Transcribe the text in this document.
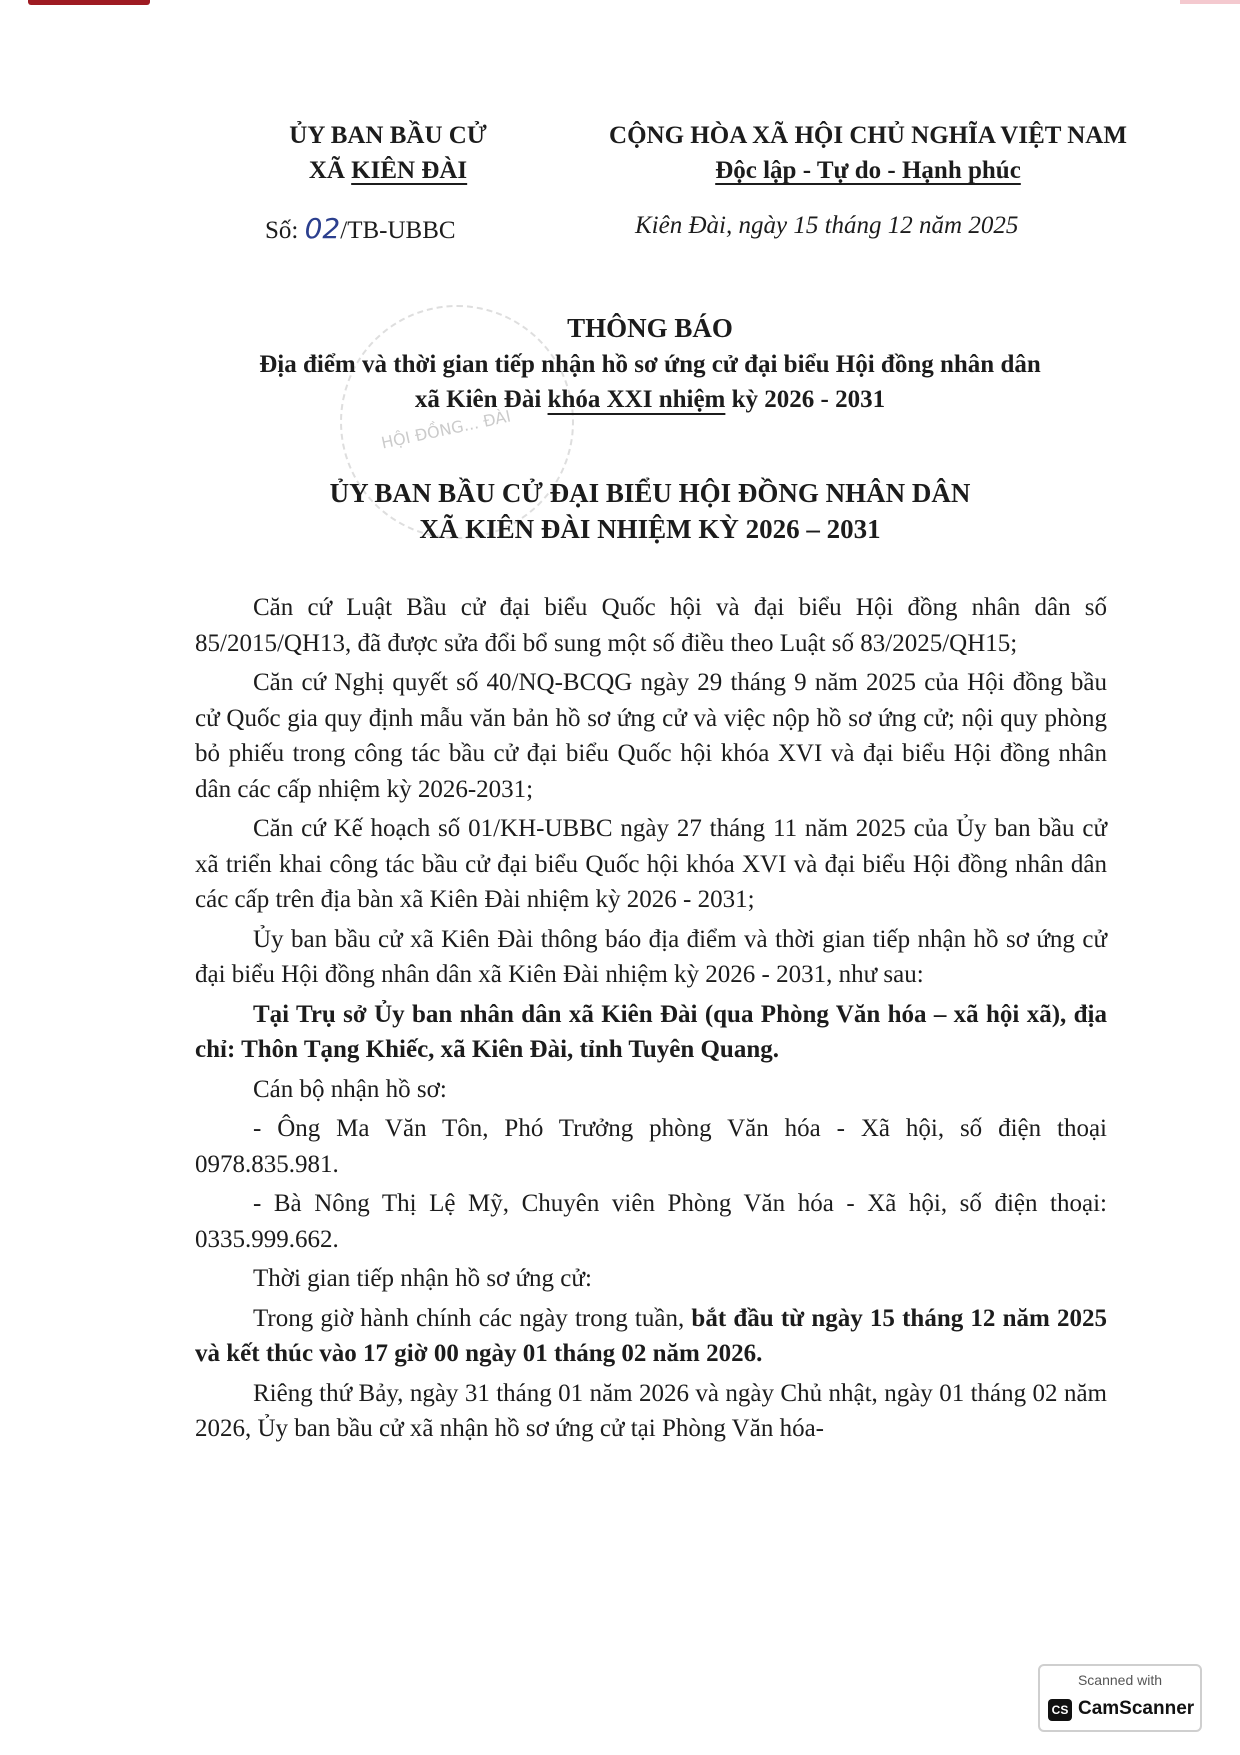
ỦY BAN BẦU CỬ
XÃ KIÊN ĐÀI
CỘNG HÒA XÃ HỘI CHỦ NGHĨA VIỆT NAM
Độc lập - Tự do - Hạnh phúc
Số: 02/TB-UBBC	Kiên Đài, ngày 15 tháng 12 năm 2025
HỘI ĐỒNG... ĐÀI
THÔNG BÁO
Địa điểm và thời gian tiếp nhận hồ sơ ứng cử đại biểu Hội đồng nhân dân
xã Kiên Đài khóa XXI nhiệm kỳ 2026 - 2031
ỦY BAN BẦU CỬ ĐẠI BIỂU HỘI ĐỒNG NHÂN DÂN
XÃ KIÊN ĐÀI NHIỆM KỲ 2026 – 2031

Căn cứ Luật Bầu cử đại biểu Quốc hội và đại biểu Hội đồng nhân dân số 85/2015/QH13, đã được sửa đổi bổ sung một số điều theo Luật số 83/2025/QH15;

Căn cứ Nghị quyết số 40/NQ-BCQG ngày 29 tháng 9 năm 2025 của Hội đồng bầu cử Quốc gia quy định mẫu văn bản hồ sơ ứng cử và việc nộp hồ sơ ứng cử; nội quy phòng bỏ phiếu trong công tác bầu cử đại biểu Quốc hội khóa XVI và đại biểu Hội đồng nhân dân các cấp nhiệm kỳ 2026-2031;

Căn cứ Kế hoạch số 01/KH-UBBC ngày 27 tháng 11 năm 2025 của Ủy ban bầu cử xã triển khai công tác bầu cử đại biểu Quốc hội khóa XVI và đại biểu Hội đồng nhân dân các cấp trên địa bàn xã Kiên Đài nhiệm kỳ 2026 - 2031;

Ủy ban bầu cử xã Kiên Đài thông báo địa điểm và thời gian tiếp nhận hồ sơ ứng cử đại biểu Hội đồng nhân dân xã Kiên Đài nhiệm kỳ 2026 - 2031, như sau:

Tại Trụ sở Ủy ban nhân dân xã Kiên Đài (qua Phòng Văn hóa – xã hội xã), địa chỉ: Thôn Tạng Khiếc, xã Kiên Đài, tỉnh Tuyên Quang.

Cán bộ nhận hồ sơ:

- Ông Ma Văn Tôn, Phó Trưởng phòng Văn hóa - Xã hội, số điện thoại 0978.835.981.

- Bà Nông Thị Lệ Mỹ, Chuyên viên Phòng Văn hóa - Xã hội, số điện thoại: 0335.999.662.

Thời gian tiếp nhận hồ sơ ứng cử:

Trong giờ hành chính các ngày trong tuần, bắt đầu từ ngày 15 tháng 12 năm 2025 và kết thúc vào 17 giờ 00 ngày 01 tháng 02 năm 2026.

Riêng thứ Bảy, ngày 31 tháng 01 năm 2026 và ngày Chủ nhật, ngày 01 tháng 02 năm 2026, Ủy ban bầu cử xã nhận hồ sơ ứng cử tại Phòng Văn hóa-

Scanned with
CS CamScanner
